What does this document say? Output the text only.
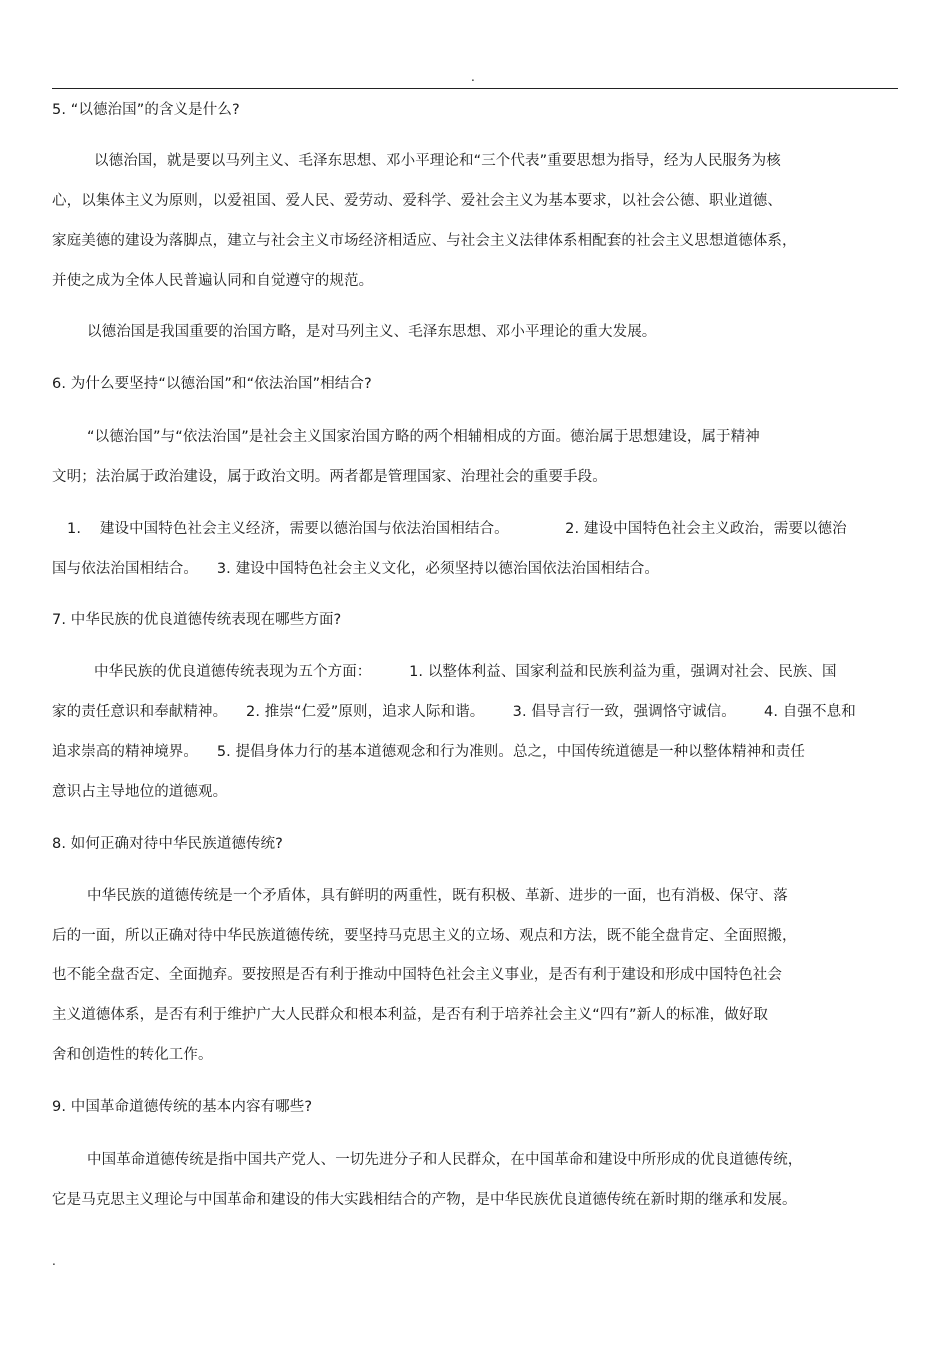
.
5. “以德治国”的含义是什么?
以德治国，就是要以马列主义、毛泽东思想、邓小平理论和“三个代表”重要思想为指导，经为人民服务为核
心，以集体主义为原则，以爱祖国、爱人民、爱劳动、爱科学、爱社会主义为基本要求，以社会公德、职业道德、
家庭美德的建设为落脚点，建立与社会主义市场经济相适应、与社会主义法律体系相配套的社会主义思想道德体系，
并使之成为全体人民普遍认同和自觉遵守的规范。
以德治国是我国重要的治国方略，是对马列主义、毛泽东思想、邓小平理论的重大发展。
6. 为什么要坚持“以德治国”和“依法治国”相结合?
“以德治国”与“依法治国”是社会主义国家治国方略的两个相辅相成的方面。德治属于思想建设，属于精神
文明；法治属于政治建设，属于政治文明。两者都是管理国家、治理社会的重要手段。
1.    建设中国特色社会主义经济，需要以德治国与依法治国相结合。            2. 建设中国特色社会主义政治，需要以德治
国与依法治国相结合。    3. 建设中国特色社会主义文化，必须坚持以德治国依法治国相结合。
7. 中华民族的优良道德传统表现在哪些方面?
中华民族的优良道德传统表现为五个方面：        1. 以整体利益、国家利益和民族利益为重，强调对社会、民族、国
家的责任意识和奉献精神。    2. 推崇“仁爱”原则，追求人际和谐。      3. 倡导言行一致，强调恪守诚信。      4. 自强不息和
追求崇高的精神境界。    5. 提倡身体力行的基本道德观念和行为准则。总之，中国传统道德是一种以整体精神和责任
意识占主导地位的道德观。
8. 如何正确对待中华民族道德传统?
中华民族的道德传统是一个矛盾体，具有鲜明的两重性，既有积极、革新、进步的一面，也有消极、保守、落
后的一面，所以正确对待中华民族道德传统，要坚持马克思主义的立场、观点和方法，既不能全盘肯定、全面照搬，
也不能全盘否定、全面抛弃。要按照是否有利于推动中国特色社会主义事业，是否有利于建设和形成中国特色社会
主义道德体系，是否有利于维护广大人民群众和根本利益，是否有利于培养社会主义“四有”新人的标准，做好取
舍和创造性的转化工作。
9. 中国革命道德传统的基本内容有哪些?
中国革命道德传统是指中国共产党人、一切先进分子和人民群众，在中国革命和建设中所形成的优良道德传统，
它是马克思主义理论与中国革命和建设的伟大实践相结合的产物，是中华民族优良道德传统在新时期的继承和发展。
.
